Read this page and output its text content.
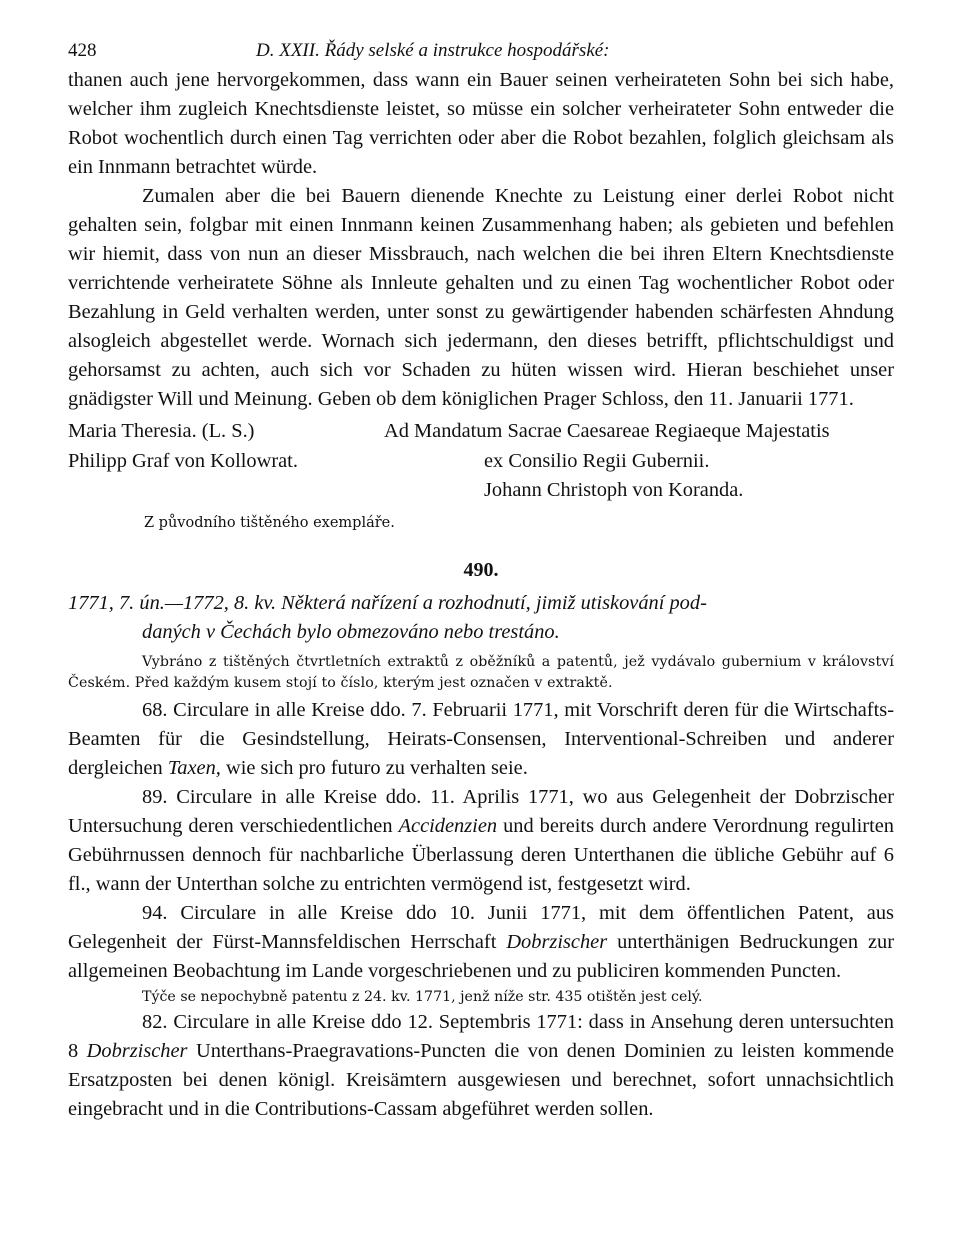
428	D. XXII. Řády selské a instrukce hospodářské:

thanen auch jene hervorgekommen, dass wann ein Bauer seinen verheirateten Sohn bei sich habe, welcher ihm zugleich Knechtsdienste leistet, so müsse ein solcher verheirateter Sohn entweder die Robot wochentlich durch einen Tag verrichten oder aber die Robot bezahlen, folglich gleichsam als ein Innmann betrachtet würde.

Zumalen aber die bei Bauern dienende Knechte zu Leistung einer derlei Robot nicht gehalten sein, folgbar mit einen Innmann keinen Zusammenhang haben; als gebieten und befehlen wir hiemit, dass von nun an dieser Missbrauch, nach welchen die bei ihren Eltern Knechtsdienste verrichtende verheiratete Söhne als Innleute gehalten und zu einen Tag wochentlicher Robot oder Bezahlung in Geld verhalten werden, unter sonst zu gewärtigender habenden schärfesten Ahndung alsogleich abgestellet werde. Wornach sich jedermann, den dieses betrifft, pflichtschuldigst und gehorsamst zu achten, auch sich vor Schaden zu hüten wissen wird. Hieran beschiehet unser gnädigster Will und Meinung. Geben ob dem königlichen Prager Schloss, den 11. Januarii 1771.

Maria Theresia. (L. S.)
Philipp Graf von Kollowrat.
Ad Mandatum Sacrae Caesareae Regiaeque Majestatis
ex Consilio Regii Gubernii.
Johann Christoph von Koranda.
Z původního tištěného exempláře.
490.
1771, 7. ún.—1772, 8. kv. Některá nařízení a rozhodnutí, jimiž utiskování pod-
daných v Čechách bylo obmezováno nebo trestáno.

Vybráno z tištěných čtvrtletních extraktů z oběžníků a patentů, jež vydávalo gubernium v království Českém. Před každým kusem stojí to číslo, kterým jest označen v extraktě.

68. Circulare in alle Kreise ddo. 7. Februarii 1771, mit Vorschrift deren für die Wirtschafts-Beamten für die Gesindstellung, Heirats-Consensen, Interventional-Schreiben und anderer dergleichen Taxen, wie sich pro futuro zu verhalten seie.

89. Circulare in alle Kreise ddo. 11. Aprilis 1771, wo aus Gelegenheit der Dobrzischer Untersuchung deren verschiedentlichen Accidenzien und bereits durch andere Verordnung regulirten Gebührnussen dennoch für nachbarliche Überlassung deren Unterthanen die übliche Gebühr auf 6 fl., wann der Unterthan solche zu entrichten vermögend ist, festgesetzt wird.

94. Circulare in alle Kreise ddo 10. Junii 1771, mit dem öffentlichen Patent, aus Gelegenheit der Fürst-Mannsfeldischen Herrschaft Dobrzischer unterthänigen Bedruckungen zur allgemeinen Beobachtung im Lande vorgeschriebenen und zu publiciren kommenden Puncten.

Týče se nepochybně patentu z 24. kv. 1771, jenž níže str. 435 otištěn jest celý.

82. Circulare in alle Kreise ddo 12. Septembris 1771: dass in Ansehung deren untersuchten 8 Dobrzischer Unterthans-Praegravations-Puncten die von denen Dominien zu leisten kommende Ersatzposten bei denen königl. Kreisämtern ausgewiesen und berechnet, sofort unnachsichtlich eingebracht und in die Contributions-Cassam abgeführet werden sollen.
